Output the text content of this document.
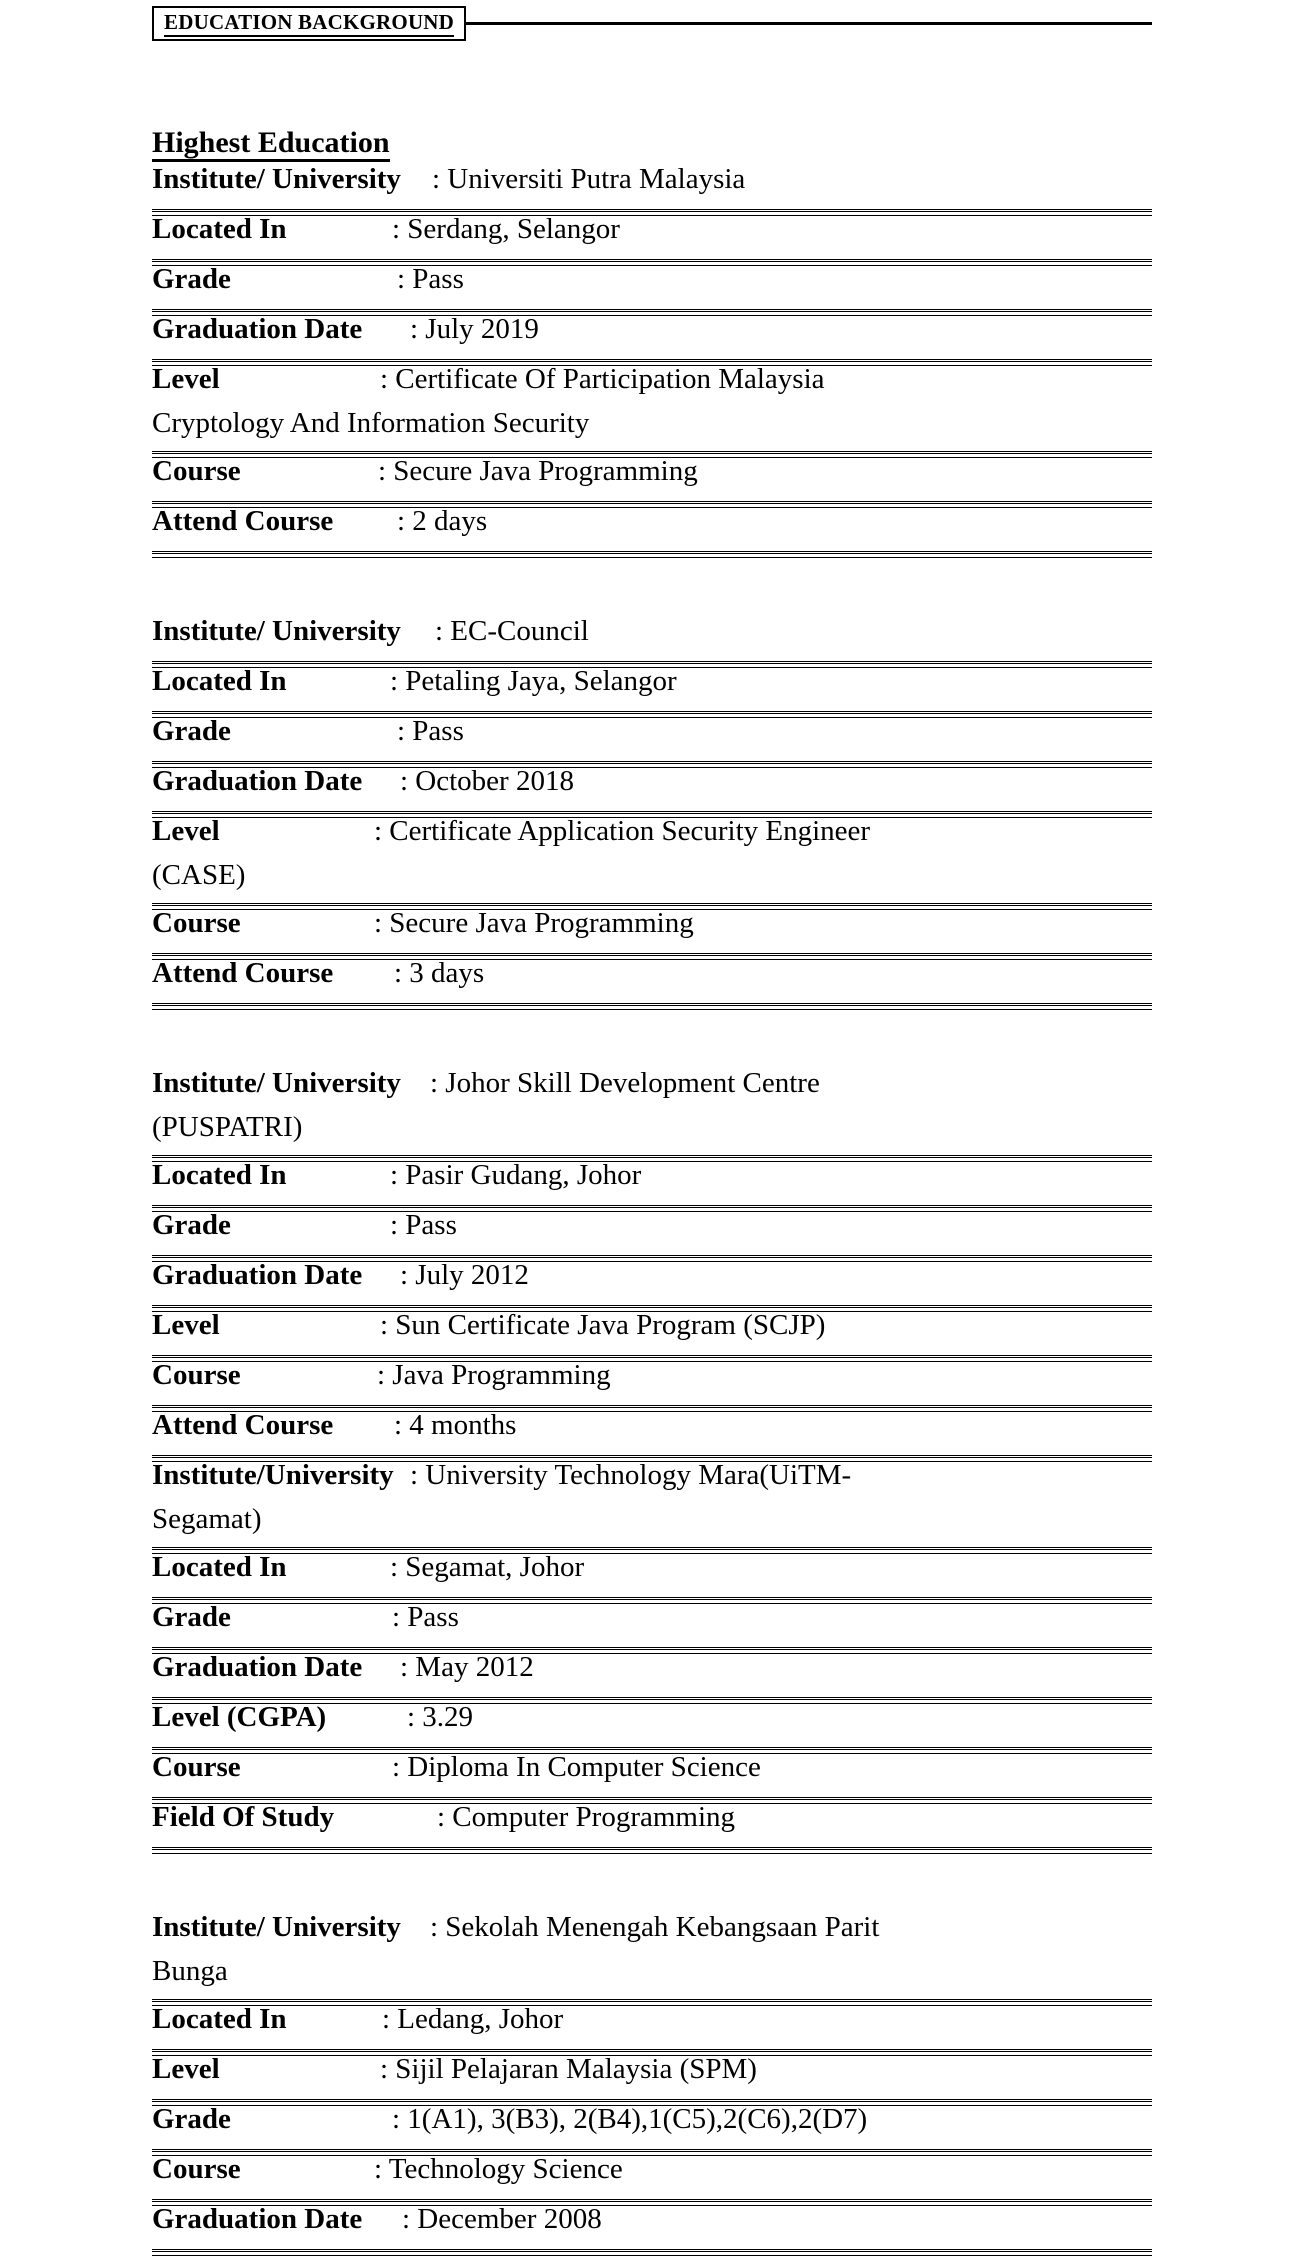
EDUCATION BACKGROUND
Highest Education
Institute/ University : Universiti Putra Malaysia
Located In	: Serdang, Selangor
Grade	: Pass
Graduation Date : July 2019
Level	: Certificate Of Participation Malaysia
Cryptology And Information Security
Course	: Secure Java Programming
Attend Course : 2 days
Institute/ University : EC-Council
Located In	: Petaling Jaya, Selangor
Grade	: Pass
Graduation Date : October 2018
Level	: Certificate Application Security Engineer
(CASE)
Course	: Secure Java Programming
Attend Course : 3 days
Institute/ University : Johor Skill Development Centre
(PUSPATRI)
Located In	: Pasir Gudang, Johor
Grade	: Pass
Graduation Date : July 2012
Level	: Sun Certificate Java Program (SCJP)
Course	: Java Programming
Attend Course : 4 months
Institute/University : University Technology Mara(UiTM-
Segamat)
Located In	: Segamat, Johor
Grade	: Pass
Graduation Date : May 2012
Level (CGPA)	: 3.29
Course	: Diploma In Computer Science
Field Of Study	: Computer Programming
Institute/ University : Sekolah Menengah Kebangsaan Parit
Bunga
Located In	: Ledang, Johor
Level	: Sijil Pelajaran Malaysia (SPM)
Grade	: 1(A1), 3(B3), 2(B4),1(C5),2(C6),2(D7)
Course	: Technology Science
Graduation Date : December 2008
